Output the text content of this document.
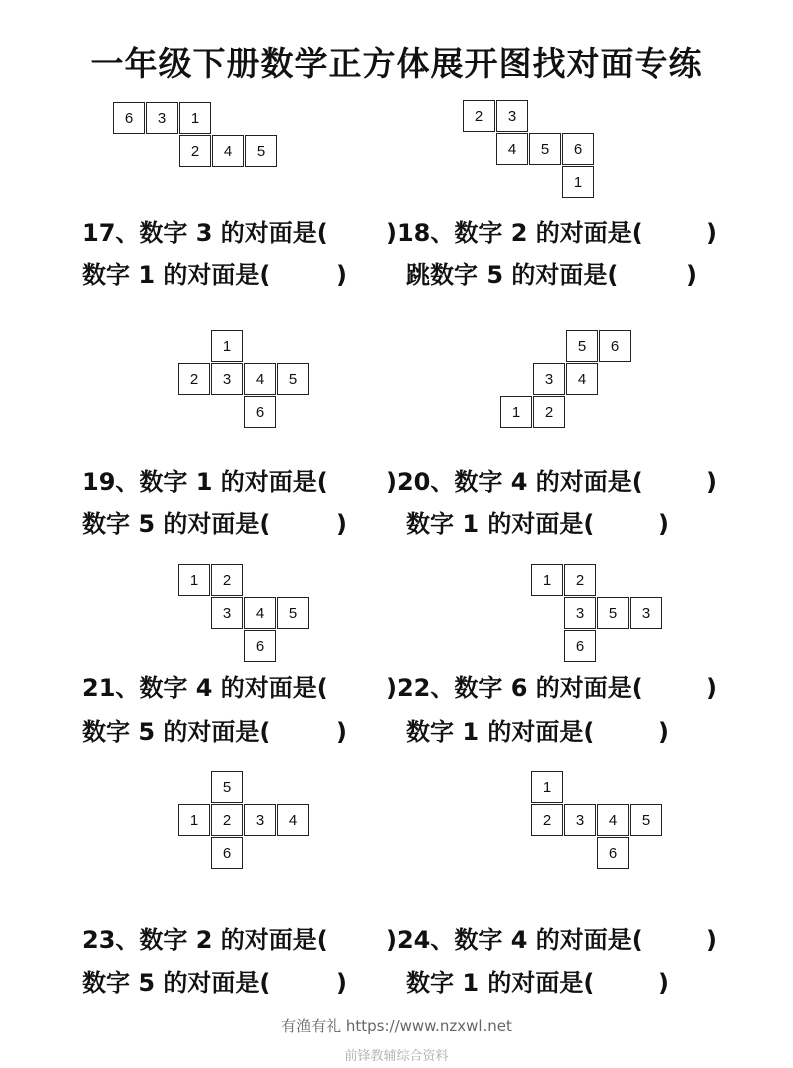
一年级下册数学正方体展开图找对面专练
6	3	1
2	4	5
2	3
4	5	6
1
1
2	3	4	5
6
5	6
3	4
1	2
1	2
3	4	5
6
1	2
3	5	3
6
5
1	2	3	4
6
1
2	3	4	5
6
17、数字 3 的对面是( )18、数字 2 的对面是(	)
数字 1 的对面是(	) 跳数字 5 的对面是(	)
19、数字 1 的对面是( )20、数字 4 的对面是(	)
数字 5 的对面是(	) 数字 1 的对面是(	)
21、数字 4 的对面是( )22、数字 6 的对面是(	)
数字 5 的对面是(	) 数字 1 的对面是(	)
23、数字 2 的对面是( )24、数字 4 的对面是(	)
数字 5 的对面是(	) 数字 1 的对面是(	)
有渔有礼 https://www.nzxwl.net
前锋教辅综合资料
